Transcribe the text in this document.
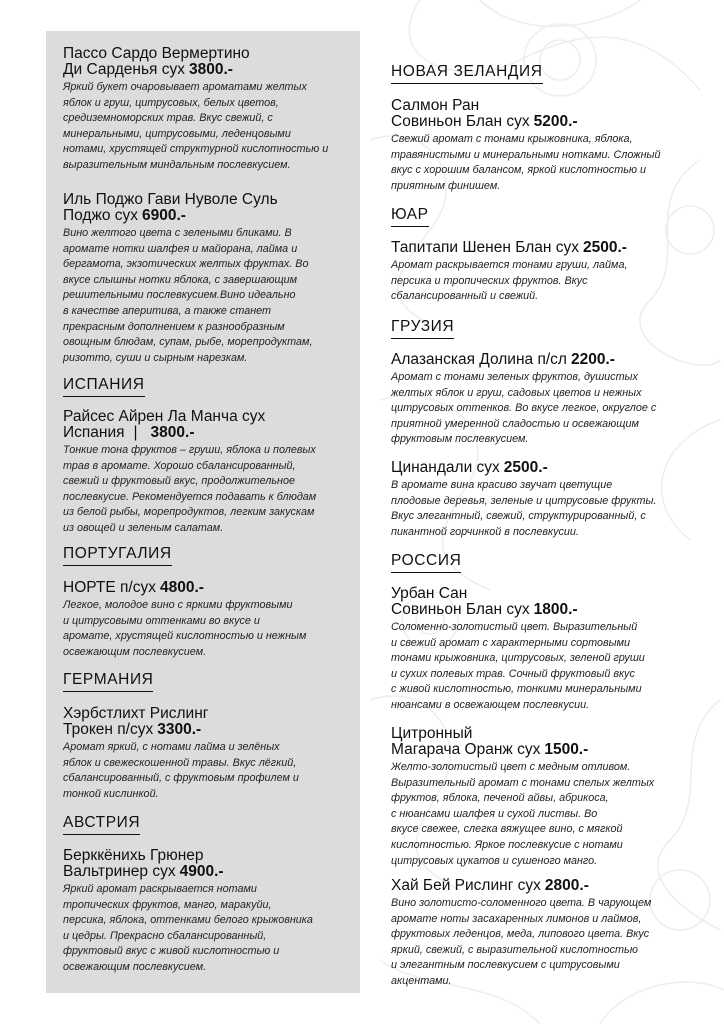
Пассо Сардо Вермертино
Ди Сарденья сух 3800.-
Яркий букет очаровывает ароматами желтых
яблок и груш, цитрусовых, белых цветов,
средиземноморских трав. Вкус свежий, с
минеральными, цитрусовыми, леденцовыми
нотами, хрустящей структурной кислотностью и
выразительным миндальным послевкусием.
Иль Поджо Гави Нуволе Суль
Поджо сух 6900.-
Вино желтого цвета с зелеными бликами. В
аромате нотки шалфея и майорана, лайма и
бергамота, экзотических желтых фруктах. Во
вкусе слышны нотки яблока, с завершающим
решительными послевкусием.Вино идеально
в качестве аперитива, а также станет
прекрасным дополнением к разнообразным
овощным блюдам, супам, рыбе, морепродуктам,
ризотто, суши и сырным нарезкам.
ИСПАНИЯ
Райсес Айрен Ла Манча сух
Испания | 3800.-
Тонкие тона фруктов – груши, яблока и полевых
трав в аромате. Хорошо сбалансированный,
свежий и фруктовый вкус, продолжительное
послевкусие. Рекомендуется подавать к блюдам
из белой рыбы, морепродуктов, легким закускам
из овощей и зеленым салатам.
ПОРТУГАЛИЯ
НОРТЕ п/сух 4800.-
Легкое, молодое вино с яркими фруктовыми
и цитрусовыми оттенками во вкусе и
аромате, хрустящей кислотностью и нежным
освежающим послевкусием.
ГЕРМАНИЯ
Хэрбстлихт Рислинг
Трокен п/сух 3300.-
Аромат яркий, с нотами лайма и зелёных
яблок и свежескошенной травы. Вкус лёгкий,
сбалансированный, с фруктовым профилем и
тонкой кислинкой.
АВСТРИЯ
Берккёнихь Грюнер
Вальтринер сух 4900.-
Яркий аромат раскрывается нотами
тропических фруктов, манго, маракуйи,
персика, яблока, оттенками белого крыжовника
и цедры. Прекрасно сбалансированный,
фруктовый вкус с живой кислотностью и
освежающим послевкусием.
НОВАЯ ЗЕЛАНДИЯ
Салмон Ран
Совиньон Блан сух 5200.-
Свежий аромат с тонами крыжовника, яблока,
травянистыми и минеральными нотками. Сложный
вкус с хорошим балансом, яркой кислотностью и
приятным финишем.
ЮАР
Тапитапи Шенен Блан сух 2500.-
Аромат раскрывается тонами груши, лайма,
персика и тропических фруктов. Вкус
сбалансированный и свежий.
ГРУЗИЯ
Алазанская Долина п/сл 2200.-
Аромат с тонами зеленых фруктов, душистых
желтых яблок и груш, садовых цветов и нежных
цитрусовых оттенков. Во вкусе легкое, округлое с
приятной умеренной сладостью и освежающим
фруктовым послевкусием.
Цинандали сух 2500.-
В аромате вина красиво звучат цветущие
плодовые деревья, зеленые и цитрусовые фрукты.
Вкус элегантный, свежий, структурированный, с
пикантной горчинкой в послевкусии.
РОССИЯ
Урбан Сан
Совиньон Блан сух 1800.-
Соломенно-золотистый цвет. Выразительный
и свежий аромат с характерными сортовыми
тонами крыжовника, цитрусовых, зеленой груши
и сухих полевых трав. Сочный фруктовый вкус
с живой кислотностью, тонкими минеральными
нюансами в освежающем послевкусии.
Цитронный
Магарача Оранж сух 1500.-
Желто-золотистый цвет с медным отливом.
Выразительный аромат с тонами спелых желтых
фруктов, яблока, печеной айвы, абрикоса,
с нюансами шалфея и сухой листвы. Во
вкусе свежее, слегка вяжущее вино, с мягкой
кислотностью. Яркое послевкусие с нотами
цитрусовых цукатов и сушеного манго.
Хай Бей Рислинг сух 2800.-
Вино золотисто-соломенного цвета. В чарующем
аромате ноты засахаренных лимонов и лаймов,
фруктовых леденцов, меда, липового цвета. Вкус
яркий, свежий, с выразительной кислотностью
и элегантным послевкусием с цитрусовыми
акцентами.
